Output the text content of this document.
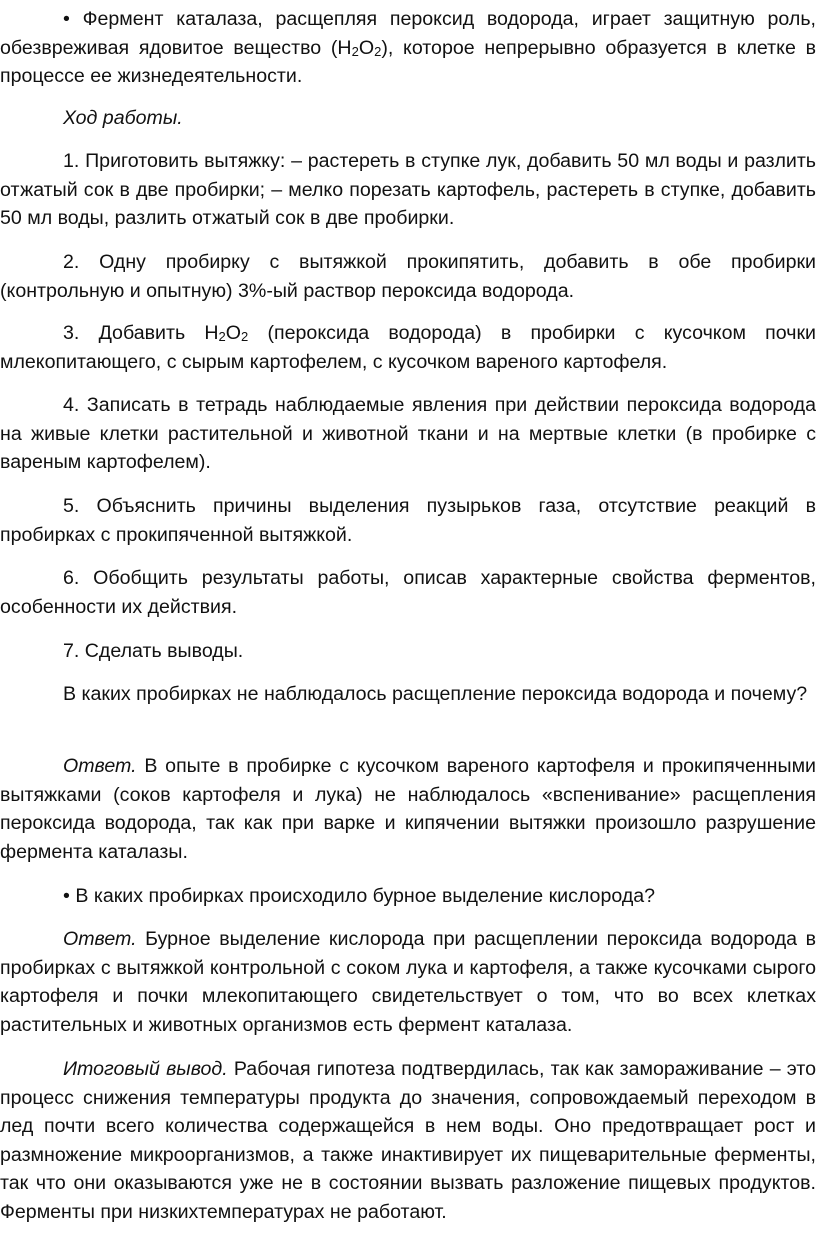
• Фермент каталаза, расщепляя пероксид водорода, играет защитную роль, обезвреживая ядовитое вещество $(H_2O_2)$, которое непрерывно образуется в клетке в процессе ее жизнедеятельности.

Ход работы.

1. Приготовить вытяжку: – растереть в ступке лук, добавить 50 мл воды и разлить отжатый сок в две пробирки; – мелко порезать картофель, растереть в ступке, добавить 50 мл воды, разлить отжатый сок в две пробирки.

2. Одну пробирку с вытяжкой прокипятить, добавить в обе пробирки (контрольную и опытную) 3%-ый раствор пероксида водорода.

3. Добавить $H_2O_2$ (пероксида водорода) в пробирки с кусочком почки млекопитающего, с сырым картофелем, с кусочком вареного картофеля.

4. Записать в тетрадь наблюдаемые явления при действии пероксида водорода на живые клетки растительной и животной ткани и на мертвые клетки (в пробирке с вареным картофелем).

5. Объяснить причины выделения пузырьков газа, отсутствие реакций в пробирках с прокипяченной вытяжкой.

6. Обобщить результаты работы, описав характерные свойства ферментов, особенности их действия.

7. Сделать выводы.

В каких пробирках не наблюдалось расщепление пероксида водорода и почему?

Ответ. В опыте в пробирке с кусочком вареного картофеля и прокипяченными вытяжками (соков картофеля и лука) не наблюдалось «вспенивание» расщепления пероксида водорода, так как при варке и кипячении вытяжки произошло разрушение фермента каталазы.

• В каких пробирках происходило бурное выделение кислорода?

Ответ. Бурное выделение кислорода при расщеплении пероксида водорода в пробирках с вытяжкой контрольной с соком лука и картофеля, а также кусочками сырого картофеля и почки млекопитающего свидетельствует о том, что во всех клетках растительных и животных организмов есть фермент каталаза.

Итоговый вывод. Рабочая гипотеза подтвердилась, так как замораживание – это процесс снижения температуры продукта до значения, сопровождаемый переходом в лед почти всего количества содержащейся в нем воды. Оно предотвращает рост и размножение микроорганизмов, а также инактивирует их пищеварительные ферменты, так что они оказываются уже не в состоянии вызвать разложение пищевых продуктов. Ферменты при низкихтемпературах не работают.
